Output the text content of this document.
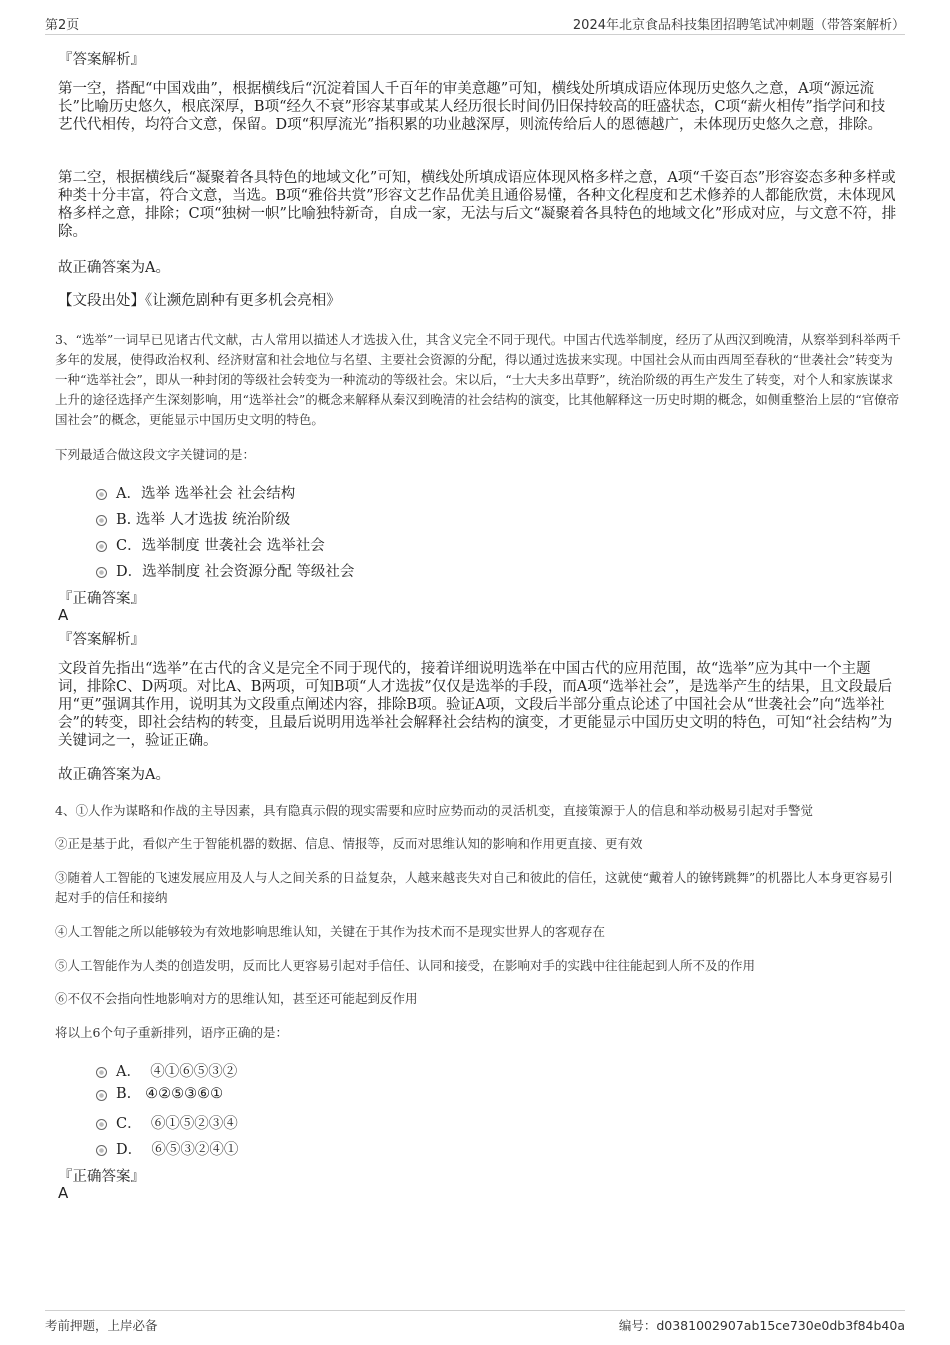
第2页	2024年北京食品科技集团招聘笔试冲刺题（带答案解析）
『答案解析』
第一空，搭配“中国戏曲”，根据横线后“沉淀着国人千百年的审美意趣”可知，横线处所填成语应体现历史悠久之意，A项“源远流长”比喻历史悠久，根底深厚，B项“经久不衰”形容某事或某人经历很长时间仍旧保持较高的旺盛状态，C项“薪火相传”指学问和技艺代代相传，均符合文意，保留。D项“积厚流光”指积累的功业越深厚，则流传给后人的恩德越广，未体现历史悠久之意，排除。
第二空，根据横线后“凝聚着各具特色的地域文化”可知，横线处所填成语应体现风格多样之意，A项“千姿百态”形容姿态多种多样或种类十分丰富，符合文意，当选。B项“雅俗共赏”形容文艺作品优美且通俗易懂，各种文化程度和艺术修养的人都能欣赏，未体现风格多样之意，排除；C项“独树一帜”比喻独特新奇，自成一家，无法与后文“凝聚着各具特色的地域文化”形成对应，与文意不符，排除。
故正确答案为A。
【文段出处】《让濒危剧种有更多机会亮相》
3、“选举”一词早已见诸古代文献，古人常用以描述人才选拔入仕，其含义完全不同于现代。中国古代选举制度，经历了从西汉到晚清，从察举到科举两千多年的发展，使得政治权利、经济财富和社会地位与名望、主要社会资源的分配，得以通过选拔来实现。中国社会从而由西周至春秋的“世袭社会”转变为一种“选举社会”，即从一种封闭的等级社会转变为一种流动的等级社会。宋以后，“士大夫多出草野”，统治阶级的再生产发生了转变，对个人和家族谋求上升的途径选择产生深刻影响，用“选举社会”的概念来解释从秦汉到晚清的社会结构的演变，比其他解释这一历史时期的概念，如侧重整治上层的“官僚帝国社会”的概念，更能显示中国历史文明的特色。
下列最适合做这段文字关键词的是：
A．选举 选举社会 社会结构
B. 选举 人才选拔 统治阶级
C．选举制度 世袭社会 选举社会
D．选举制度 社会资源分配 等级社会
『正确答案』
A
『答案解析』
文段首先指出“选举”在古代的含义是完全不同于现代的，接着详细说明选举在中国古代的应用范围，故“选举”应为其中一个主题词，排除C、D两项。对比A、B两项，可知B项“人才选拔”仅仅是选举的手段，而A项“选举社会”，是选举产生的结果，且文段最后用“更”强调其作用，说明其为文段重点阐述内容，排除B项。验证A项，文段后半部分重点论述了中国社会从“世袭社会”向“选举社会”的转变，即社会结构的转变，且最后说明用选举社会解释社会结构的演变，才更能显示中国历史文明的特色，可知“社会结构”为关键词之一，验证正确。
故正确答案为A。
4、①人作为谋略和作战的主导因素，具有隐真示假的现实需要和应时应势而动的灵活机变，直接策源于人的信息和举动极易引起对手警觉
②正是基于此，看似产生于智能机器的数据、信息、情报等，反而对思维认知的影响和作用更直接、更有效
③随着人工智能的飞速发展应用及人与人之间关系的日益复杂，人越来越丧失对自己和彼此的信任，这就使“戴着人的镣铐跳舞”的机器比人本身更容易引起对手的信任和接纳
④人工智能之所以能够较为有效地影响思维认知，关键在于其作为技术而不是现实世界人的客观存在
⑤人工智能作为人类的创造发明，反而比人更容易引起对手信任、认同和接受，在影响对手的实践中往往能起到人所不及的作用
⑥不仅不会指向性地影响对方的思维认知，甚至还可能起到反作用
将以上6个句子重新排列，语序正确的是：
A．  ④①⑥⑤③②
B.   ④②⑤③⑥①
C．  ⑥①⑤②③④
D．  ⑥⑤③②④①
『正确答案』
A
考前押题，上岸必备	编号：d0381002907ab15ce730e0db3f84b40a
